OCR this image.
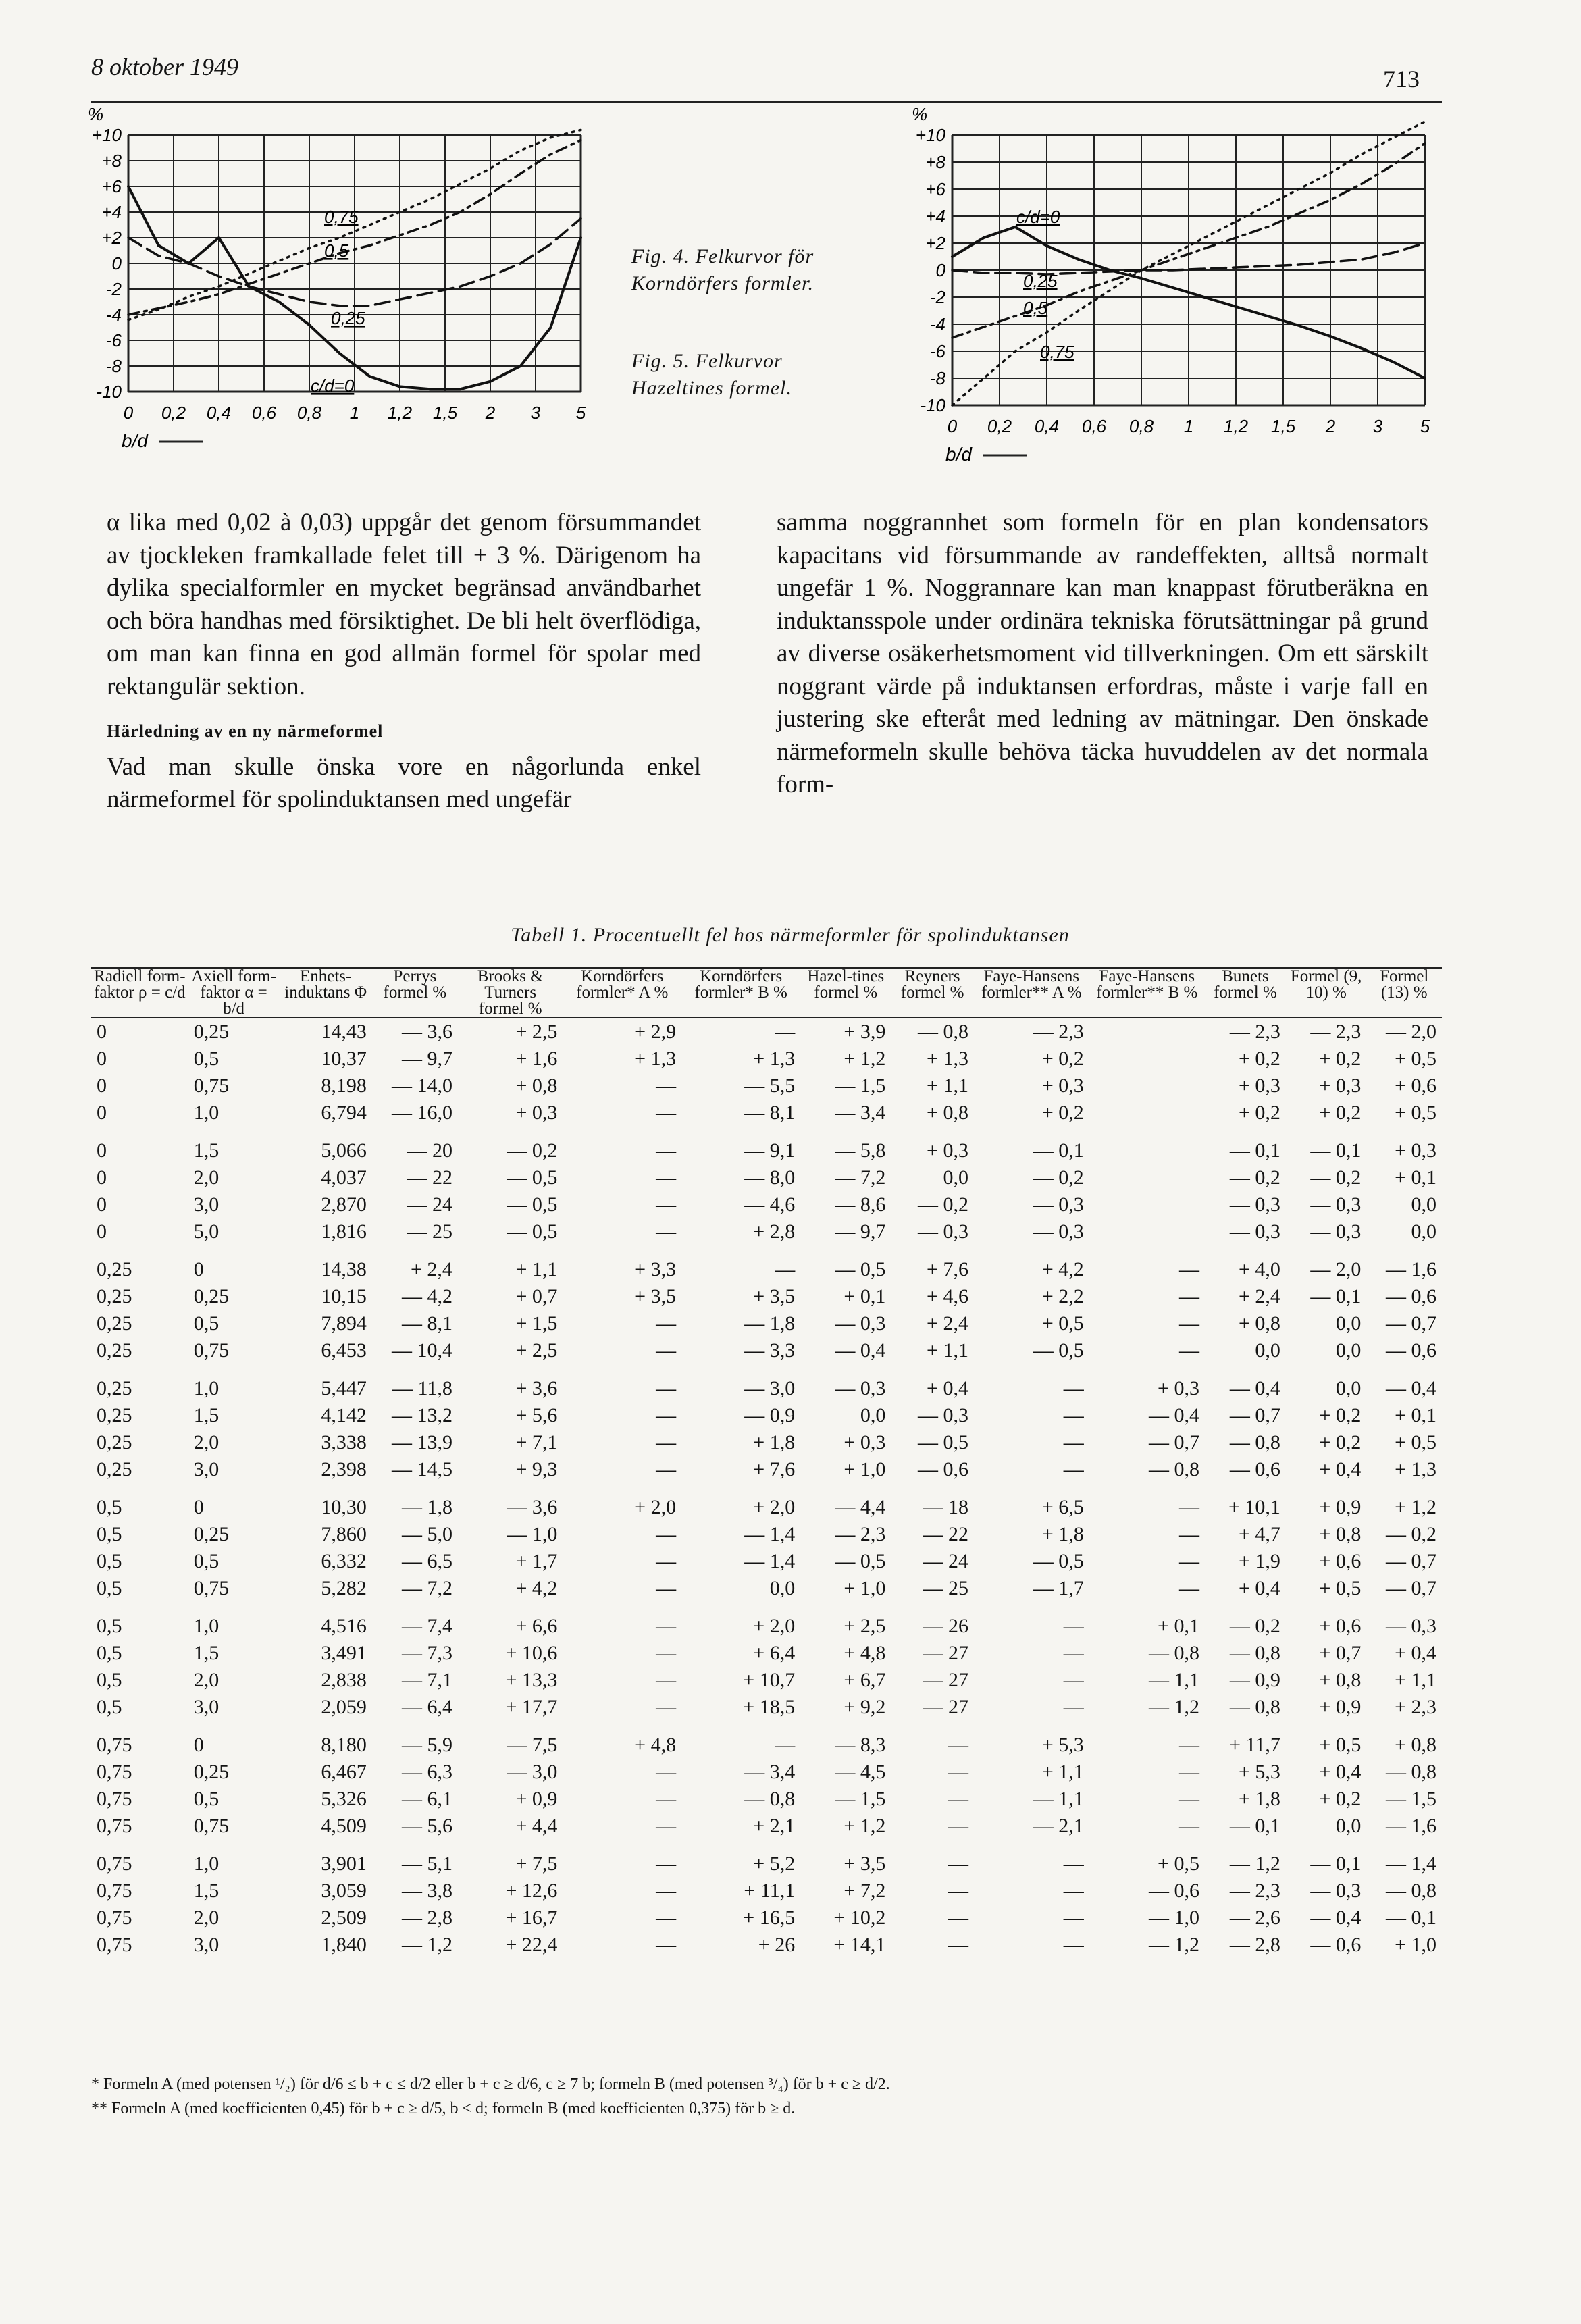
8 oktober 1949	713
%
+10
+8
+6
+4
+2
0
-2
-4
-6
-8
-10
0 0,2 0,4 0,6 0,8 1 1,2 1,5 2 3 5
b/d
0,75
0,5
0,25
c/d=0
Fig. 4. Felkurvor för Korndörfers formler.
Fig. 5. Felkurvor Hazeltines formel.
%
+10
+8
+6
+4
+2
0
-2
-4
-6
-8
-10
0 0,2 0,4 0,6 0,8 1 1,2 1,5 2 3 5
b/d
c/d=0
0,25
0,5
0,75
α lika med 0,02 à 0,03) uppgår det genom försummandet av tjockleken framkallade felet till + 3 %. Därigenom ha dylika specialformler en mycket begränsad användbarhet och böra handhas med försiktighet. De bli helt överflödiga, om man kan finna en god allmän formel för spolar med rektangulär sektion.
Härledning av en ny närmeformel
Vad man skulle önska vore en någorlunda enkel närmeformel för spolinduktansen med ungefär
samma noggrannhet som formeln för en plan kondensators kapacitans vid försummande av randeffekten, alltså normalt ungefär 1 %. Noggrannare kan man knappast förutberäkna en induktansspole under ordinära tekniska förutsättningar på grund av diverse osäkerhetsmoment vid tillverkningen. Om ett särskilt noggrant värde på induktansen erfordras, måste i varje fall en justering ske efteråt med ledning av mätningar. Den önskade närmeformeln skulle behöva täcka huvuddelen av det normala form-
Tabell 1. Procentuellt fel hos närmeformler för spolinduktansen
Radiell form-faktor ρ = c/d	Axiell form-faktor α = b/d	Enhets-induktans Φ	Perrys formel %	Brooks & Turners formel %	Korndörfers formler* A %	Korndörfers formler* B %	Hazel-tines formel %	Reyners formel %	Faye-Hansens formler** A %	Faye-Hansens formler** B %	Bunets formel %	Formel (9, 10) %	Formel (13) %
0	0,25	14,43	— 3,6	+ 2,5	+ 2,9	—	+ 3,9	— 0,8	— 2,3		— 2,3	— 2,3	— 2,0
0	0,5	10,37	— 9,7	+ 1,6	+ 1,3	+ 1,3	+ 1,2	+ 1,3	+ 0,2		+ 0,2	+ 0,2	+ 0,5
0	0,75	8,198	— 14,0	+ 0,8	—	— 5,5	— 1,5	+ 1,1	+ 0,3		+ 0,3	+ 0,3	+ 0,6
0	1,0	6,794	— 16,0	+ 0,3	—	— 8,1	— 3,4	+ 0,8	+ 0,2		+ 0,2	+ 0,2	+ 0,5
0	1,5	5,066	— 20	— 0,2	—	— 9,1	— 5,8	+ 0,3	— 0,1		— 0,1	— 0,1	+ 0,3
0	2,0	4,037	— 22	— 0,5	—	— 8,0	— 7,2	0,0	— 0,2		— 0,2	— 0,2	+ 0,1
0	3,0	2,870	— 24	— 0,5	—	— 4,6	— 8,6	— 0,2	— 0,3		— 0,3	— 0,3	0,0
0	5,0	1,816	— 25	— 0,5	—	+ 2,8	— 9,7	— 0,3	— 0,3		— 0,3	— 0,3	0,0
0,25	0	14,38	+ 2,4	+ 1,1	+ 3,3	—	— 0,5	+ 7,6	+ 4,2	—	+ 4,0	— 2,0	— 1,6
0,25	0,25	10,15	— 4,2	+ 0,7	+ 3,5	+ 3,5	+ 0,1	+ 4,6	+ 2,2	—	+ 2,4	— 0,1	— 0,6
0,25	0,5	7,894	— 8,1	+ 1,5	—	— 1,8	— 0,3	+ 2,4	+ 0,5	—	+ 0,8	0,0	— 0,7
0,25	0,75	6,453	— 10,4	+ 2,5	—	— 3,3	— 0,4	+ 1,1	— 0,5	—	0,0	0,0	— 0,6
0,25	1,0	5,447	— 11,8	+ 3,6	—	— 3,0	— 0,3	+ 0,4	—	+ 0,3	— 0,4	0,0	— 0,4
0,25	1,5	4,142	— 13,2	+ 5,6	—	— 0,9	0,0	— 0,3	—	— 0,4	— 0,7	+ 0,2	+ 0,1
0,25	2,0	3,338	— 13,9	+ 7,1	—	+ 1,8	+ 0,3	— 0,5	—	— 0,7	— 0,8	+ 0,2	+ 0,5
0,25	3,0	2,398	— 14,5	+ 9,3	—	+ 7,6	+ 1,0	— 0,6	—	— 0,8	— 0,6	+ 0,4	+ 1,3
0,5	0	10,30	— 1,8	— 3,6	+ 2,0	+ 2,0	— 4,4	— 18	+ 6,5	—	+ 10,1	+ 0,9	+ 1,2
0,5	0,25	7,860	— 5,0	— 1,0	—	— 1,4	— 2,3	— 22	+ 1,8	—	+ 4,7	+ 0,8	— 0,2
0,5	0,5	6,332	— 6,5	+ 1,7	—	— 1,4	— 0,5	— 24	— 0,5	—	+ 1,9	+ 0,6	— 0,7
0,5	0,75	5,282	— 7,2	+ 4,2	—	0,0	+ 1,0	— 25	— 1,7	—	+ 0,4	+ 0,5	— 0,7
0,5	1,0	4,516	— 7,4	+ 6,6	—	+ 2,0	+ 2,5	— 26	—	+ 0,1	— 0,2	+ 0,6	— 0,3
0,5	1,5	3,491	— 7,3	+ 10,6	—	+ 6,4	+ 4,8	— 27	—	— 0,8	— 0,8	+ 0,7	+ 0,4
0,5	2,0	2,838	— 7,1	+ 13,3	—	+ 10,7	+ 6,7	— 27	—	— 1,1	— 0,9	+ 0,8	+ 1,1
0,5	3,0	2,059	— 6,4	+ 17,7	—	+ 18,5	+ 9,2	— 27	—	— 1,2	— 0,8	+ 0,9	+ 2,3
0,75	0	8,180	— 5,9	— 7,5	+ 4,8	—	— 8,3	—	+ 5,3	—	+ 11,7	+ 0,5	+ 0,8
0,75	0,25	6,467	— 6,3	— 3,0	—	— 3,4	— 4,5	—	+ 1,1	—	+ 5,3	+ 0,4	— 0,8
0,75	0,5	5,326	— 6,1	+ 0,9	—	— 0,8	— 1,5	—	— 1,1	—	+ 1,8	+ 0,2	— 1,5
0,75	0,75	4,509	— 5,6	+ 4,4	—	+ 2,1	+ 1,2	—	— 2,1	—	— 0,1	0,0	— 1,6
0,75	1,0	3,901	— 5,1	+ 7,5	—	+ 5,2	+ 3,5	—	—	+ 0,5	— 1,2	— 0,1	— 1,4
0,75	1,5	3,059	— 3,8	+ 12,6	—	+ 11,1	+ 7,2	—	—	— 0,6	— 2,3	— 0,3	— 0,8
0,75	2,0	2,509	— 2,8	+ 16,7	—	+ 16,5	+ 10,2	—	—	— 1,0	— 2,6	— 0,4	— 0,1
0,75	3,0	1,840	— 1,2	+ 22,4	—	+ 26	+ 14,1	—	—	— 1,2	— 2,8	— 0,6	+ 1,0
* Formeln A (med potensen ¹/₂) för d/6 ≤ b + c ≤ d/2 eller b + c ≥ d/6, c ≥ 7 b; formeln B (med potensen ³/₄) för b + c ≥ d/2.
** Formeln A (med koefficienten 0,45) för b + c ≥ d/5, b < d; formeln B (med koefficienten 0,375) för b ≥ d.
